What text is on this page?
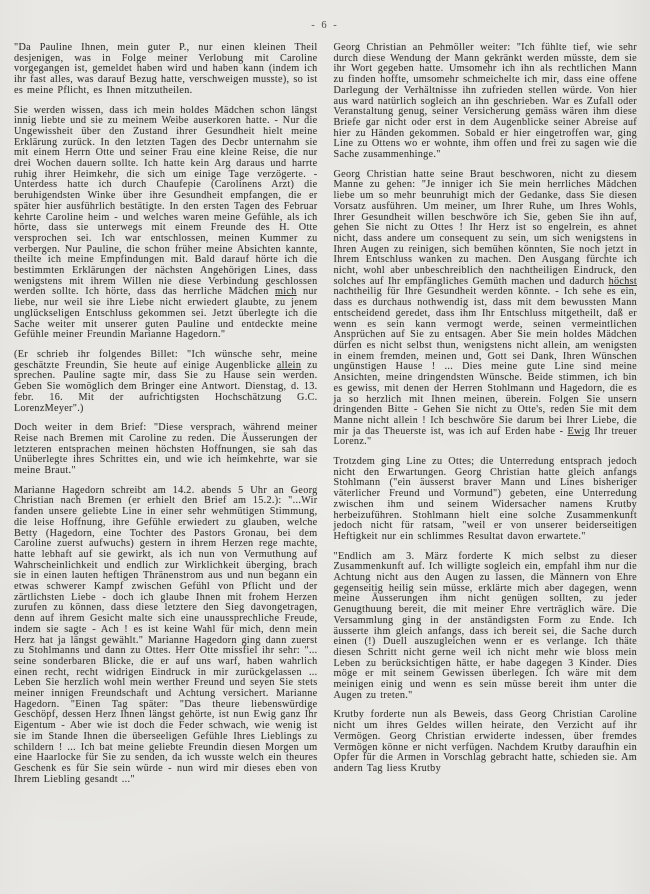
- 6 -

"Da Pauline Ihnen, mein guter P., nur einen kleinen Theil desjenigen, was in Folge meiner Verlobung mit Caroline vorgegangen ist, gemeldet haben wird und haben kann (indem ich ihr fast alles, was darauf Bezug hatte, verschweigen musste), so ist es meine Pflicht, es Ihnen mitzutheilen.

Sie werden wissen, dass ich mein holdes Mädchen schon längst innig liebte und sie zu meinem Weibe auserkoren hatte. - Nur die Ungewissheit über den Zustand ihrer Gesundheit hielt meine Erklärung zurück. In den letzten Tagen des Decbr unternahm sie mit einem Herrn Otte und seiner Frau eine kleine Reise, die nur drei Wochen dauern sollte. Ich hatte kein Arg daraus und harrte ruhig ihrer Heimkehr, die sich um einige Tage verzögerte. - Unterdess hatte ich durch Chaufepie (Carolinens Arzt) die beruhigendsten Winke über ihre Gesundheit empfangen, die er später hier ausführlich bestätigte. In den ersten Tagen des Februar kehrte Caroline heim - und welches waren meine Gefühle, als ich hörte, dass sie unterwegs mit einem Freunde des H. Otte versprochen sei. Ich war entschlossen, meinen Kummer zu verbergen. Nur Pauline, die schon früher meine Absichten kannte, theilte ich meine Empfindungen mit. Bald darauf hörte ich die bestimmten Erklärungen der nächsten Angehörigen Lines, dass wenigstens mit ihrem Willen nie diese Verbindung geschlossen werden sollte. Ich hörte, dass das herrliche Mädchen mich nur liebe, nur weil sie ihre Liebe nicht erwiedert glaubte, zu jenem unglückseligen Entschluss gekommen sei. Jetzt überlegte ich die Sache weiter mit unserer guten Pauline und entdeckte meine Gefühle meiner Freundin Marianne Hagedorn."

(Er schrieb ihr folgendes Billet: "Ich wünsche sehr, meine geschätzte Freundin, Sie heute auf einige Augenblicke allein zu sprechen. Pauline sagte mir, dass Sie zu Hause sein werden. Geben Sie womöglich dem Bringer eine Antwort. Dienstag, d. 13. febr. 16. Mit der aufrichtigsten Hochschätzung G.C. LorenzMeyer".)

Doch weiter in dem Brief: "Diese versprach, während meiner Reise nach Bremen mit Caroline zu reden. Die Äusserungen der letzteren entsprachen meinen höchsten Hoffnungen, sie sah das Unüberlegte ihres Schrittes ein, und wie ich heimkehrte, war sie meine Braut."

Marianne Hagedorn schreibt am 14.2. abends 5 Uhr an Georg Christian nach Bremen (er erhielt den Brief am 15.2.): "...Wir fanden unsere geliebte Line in einer sehr wehmütigen Stimmung, die leise Hoffnung, ihre Gefühle erwiedert zu glauben, welche Betty (Hagedorn, eine Tochter des Pastors Gronau, bei dem Caroline zuerst aufwuchs) gestern in ihrem Herzen rege machte, hatte lebhaft auf sie gewirkt, als ich nun von Vermuthung auf Wahrscheinlichkeit und endlich zur Wirklichkeit überging, brach sie in einen lauten heftigen Thränenstrom aus und nun begann ein etwas schwerer Kampf zwischen Gefühl von Pflicht und der zärtlichsten Liebe - doch ich glaube Ihnen mit frohem Herzen zurufen zu können, dass diese letztere den Sieg davongetragen, denn auf ihrem Gesicht malte sich eine unaussprechliche Freude, indem sie sagte - Ach ! es ist keine Wahl für mich, denn mein Herz hat ja längst gewählt." Marianne Hagedorn ging dann zuerst zu Stohlmanns und dann zu Ottes. Herr Otte missfiel ihr sehr: "... seine sonderbaren Blicke, die er auf uns warf, haben wahrlich einen recht, recht widrigen Eindruck in mir zurückgelassen ... Leben Sie herzlich wohl mein werther Freund und seyen Sie stets meiner innigen Freundschaft und Achtung versichert. Marianne Hagedorn. "Einen Tag später: "Das theure liebenswürdige Geschöpf, dessen Herz Ihnen längst gehörte, ist nun Ewig ganz Ihr Eigentum - Aber wie ist doch die Feder schwach, wie wenig ist sie im Stande Ihnen die überseeligen Gefühle Ihres Lieblings zu schildern ! ... Ich bat meine geliebte Freundin diesen Morgen um eine Haarlocke für Sie zu senden, da ich wusste welch ein theures Geschenk es für Sie sein würde - nun wird mir dieses eben von Ihrem Liebling gesandt ..."

Georg Christian an Pehmöller weiter: "Ich fühlte tief, wie sehr durch diese Wendung der Mann gekränkt werden müsste, dem sie ihr Wort gegeben hatte. Umsomehr ich ihn als rechtlichen Mann zu finden hoffte, umsomehr schmeichelte ich mir, dass eine offene Darlegung der Verhältnisse ihn zufrieden stellen würde. Von hier aus ward natürlich sogleich an ihn geschrieben. War es Zufall oder Veranstaltung genug, seiner Versicherung gemäss wären ihm diese Briefe gar nicht oder erst in dem Augenblicke seiner Abreise auf hier zu Händen gekommen. Sobald er hier eingetroffen war, ging Line zu Ottens wo er wohnte, ihm offen und frei zu sagen wie die Sache zusammenhinge."

Georg Christian hatte seine Braut beschworen, nicht zu diesem Manne zu gehen: "Je inniger ich Sie mein herrliches Mädchen liebe um so mehr beunruhigt mich der Gedanke, dass Sie diesen Vorsatz ausführen. Um meiner, um Ihrer Ruhe, um Ihres Wohls, Ihrer Gesundheit willen beschwöre ich Sie, geben Sie ihn auf, gehen Sie nicht zu Ottes ! Ihr Herz ist so engelrein, es ahnet nicht, dass andere um consequent zu sein, um sich wenigstens in Ihren Augen zu reinigen, sich bemühen könnten, Sie noch jetzt in Ihrem Entschluss wanken zu machen. Den Ausgang fürchte ich nicht, wohl aber unbeschreiblich den nachtheiligen Eindruck, den solches auf Ihr empfängliches Gemüth machen und dadurch höchst nachtheilig für Ihre Gesundheit werden könnte. - Ich sehe es ein, dass es durchaus nothwendig ist, dass mit dem bewussten Mann entscheidend geredet, dass ihm Ihr Entschluss mitgetheilt, daß er wenn es sein kann vermogt werde, seinen vermeintlichen Ansprüchen auf Sie zu entsagen. Aber Sie mein holdes Mädchen dürfen es nicht selbst thun, wenigstens nicht allein, am wenigsten in einem fremden, meinen und, Gott sei Dank, Ihren Wünschen ungünstigen Hause ! ... Dies meine gute Line sind meine Ansichten, meine dringendsten Wünsche. Beide stimmen, ich bin es gewiss, mit denen der Herren Stohlmann und Hagedorn, die es ja so herzlich mit Ihnen meinen, überein. Folgen Sie unsern dringenden Bitte - Gehen Sie nicht zu Otte's, reden Sie mit dem Manne nicht allein ! Ich beschwöre Sie darum bei Ihrer Liebe, die mir ja das Theuerste ist, was ich auf Erden habe - Ewig Ihr treuer Lorenz."

Trotzdem ging Line zu Ottes; die Unterredung entsprach jedoch nicht den Erwartungen. Georg Christian hatte gleich anfangs Stohlmann ("ein äusserst braver Mann und Lines bisheriger väterlicher Freund und Vormund") gebeten, eine Unterredung zwischen ihm und seinem Widersacher namens Krutby herbeizuführen. Stohlmann hielt eine solche Zusammenkunft jedoch nicht für ratsam, "weil er von unserer beiderseitigen Heftigkeit nur ein schlimmes Resultat davon erwartete."

"Endlich am 3. März forderte K mich selbst zu dieser Zusammenkunft auf. Ich willigte sogleich ein, empfahl ihm nur die Achtung nicht aus den Augen zu lassen, die Männern von Ehre gegenseitig heilig sein müsse, erklärte mich aber dagegen, wenn meine Äusserungen ihm nicht genügen sollten, zu jeder Genugthuung bereit, die mit meiner Ehre verträglich wäre. Die Versammlung ging in der anständigsten Form zu Ende. Ich äusserte ihm gleich anfangs, dass ich bereit sei, die Sache durch einen (!) Duell auszugleichen wenn er es verlange. Ich thäte diesen Schritt nicht gerne weil ich nicht mehr wie bloss mein Leben zu berücksichtigen hätte, er habe dagegen 3 Kinder. Dies möge er mit seinem Gewissen überlegen. Ich wäre mit dem meinigen einig und wenn es sein müsse bereit ihm unter die Augen zu treten."

Krutby forderte nun als Beweis, dass Georg Christian Caroline nicht um ihres Geldes willen heirate, den Verzicht auf ihr Vermögen. Georg Christian erwiderte indessen, über fremdes Vermögen könne er nicht verfügen. Nachdem Krutby daraufhin ein Opfer für die Armen in Vorschlag gebracht hatte, schieden sie. Am andern Tag liess Krutby
